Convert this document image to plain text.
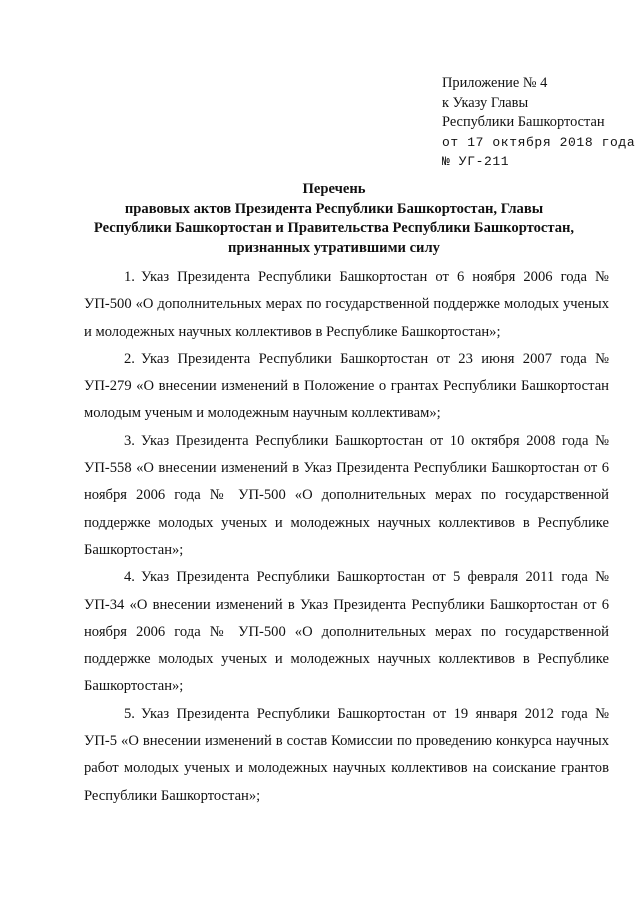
Приложение № 4
к Указу Главы
Республики Башкортостан
от 17 октября 2018 года
№ УГ-211
Перечень
правовых актов Президента Республики Башкортостан, Главы
Республики Башкортостан и Правительства Республики Башкортостан,
признанных утратившими силу
1. Указ Президента Республики Башкортостан от 6 ноября 2006 года № УП-500 «О дополнительных мерах по государственной поддержке молодых ученых и молодежных научных коллективов в Республике Башкортостан»;
2. Указ Президента Республики Башкортостан от 23 июня 2007 года № УП-279 «О внесении изменений в Положение о грантах Республики Башкортостан молодым ученым и молодежным научным коллективам»;
3. Указ Президента Республики Башкортостан от 10 октября 2008 года № УП-558 «О внесении изменений в Указ Президента Республики Башкортостан от 6 ноября 2006 года № УП-500 «О дополнительных мерах по государственной поддержке молодых ученых и молодежных научных коллективов в Республике Башкортостан»;
4. Указ Президента Республики Башкортостан от 5 февраля 2011 года № УП-34 «О внесении изменений в Указ Президента Республики Башкортостан от 6 ноября 2006 года № УП-500 «О дополнительных мерах по государственной поддержке молодых ученых и молодежных научных коллективов в Республике Башкортостан»;
5. Указ Президента Республики Башкортостан от 19 января 2012 года № УП-5 «О внесении изменений в состав Комиссии по проведению конкурса научных работ молодых ученых и молодежных научных коллективов на соискание грантов Республики Башкортостан»;
